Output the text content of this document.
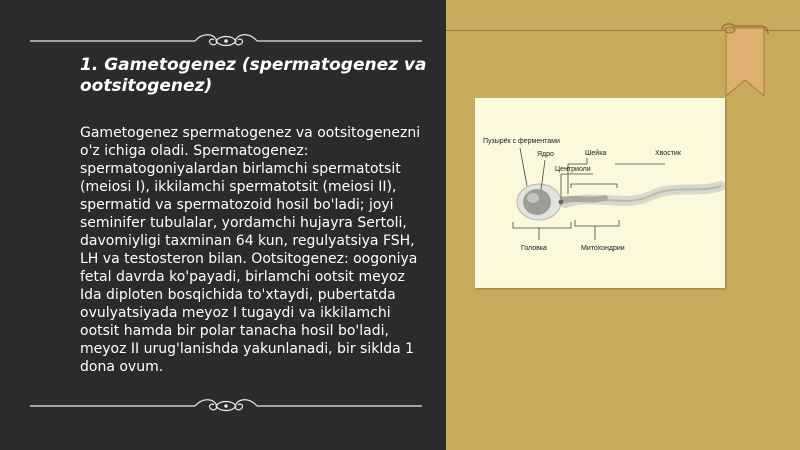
1. Gametogenez (spermatogenez va ootsitogenez)

Gametogenez spermatogenez va ootsitogenezni o'z ichiga oladi. Spermatogenez: spermatogoniyalardan birlamchi spermatotsit (meiosi I), ikkilamchi spermatotsit (meiosi II), spermatid va spermatozoid hosil bo'ladi; joyi seminifer tubulalar, yordamchi hujayra Sertoli, davomiyligi taxminan 64 kun, regulyatsiya FSH, LH va testosteron bilan. Ootsitogenez: oogoniya fetal davrda ko'payadi, birlamchi ootsit meyoz Ida diploten bosqichida to'xtaydi, pubertatda ovulyatsiyada meyoz I tugaydi va ikkilamchi ootsit hamda bir polar tanacha hosil bo'ladi, meyoz II urug'lanishda yakunlanadi, bir siklda 1 dona ovum.

Пузырёк с ферментами
Ядро	Шейка	Хвостик
Центриоли
Головка	Митохондрии
